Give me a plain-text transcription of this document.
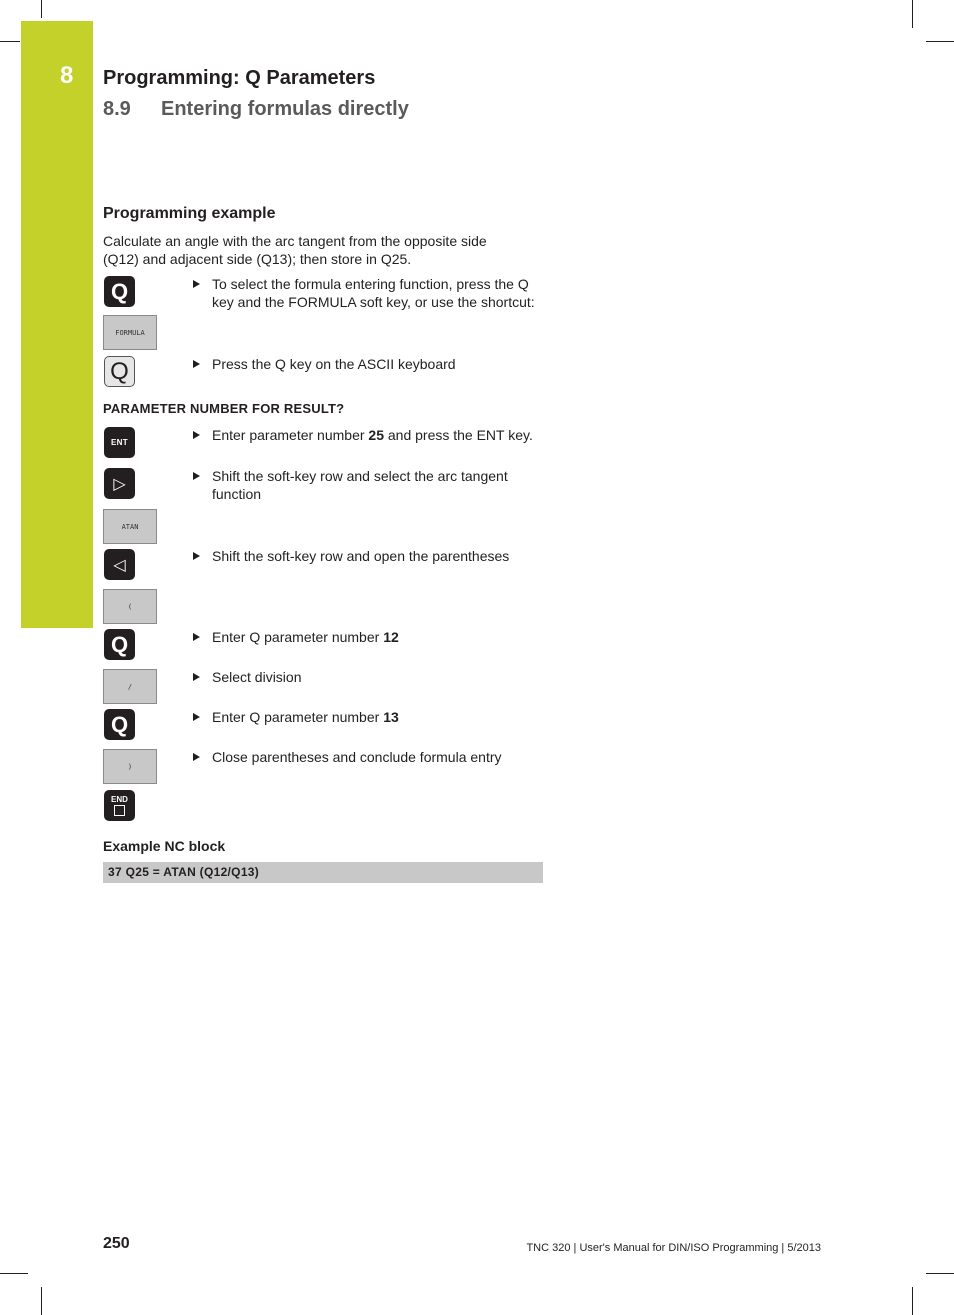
8	Programming: Q Parameters
8.9 Entering formulas directly
Programming example
Calculate an angle with the arc tangent from the opposite side (Q12) and adjacent side (Q13); then store in Q25.
Q
FORMULA
Q
PARAMETER NUMBER FOR RESULT?
ENT
▷
ATAN
◁
(
Q
/
Q
)
END
To select the formula entering function, press the Q key and the FORMULA soft key, or use the shortcut:
Press the Q key on the ASCII keyboard
Enter parameter number 25 and press the ENT key.
Shift the soft-key row and select the arc tangent function
Shift the soft-key row and open the parentheses
Enter Q parameter number 12
Select division
Enter Q parameter number 13
Close parentheses and conclude formula entry
Example NC block
37 Q25 = ATAN (Q12/Q13)
250	TNC 320 | User's Manual for DIN/ISO Programming | 5/2013
